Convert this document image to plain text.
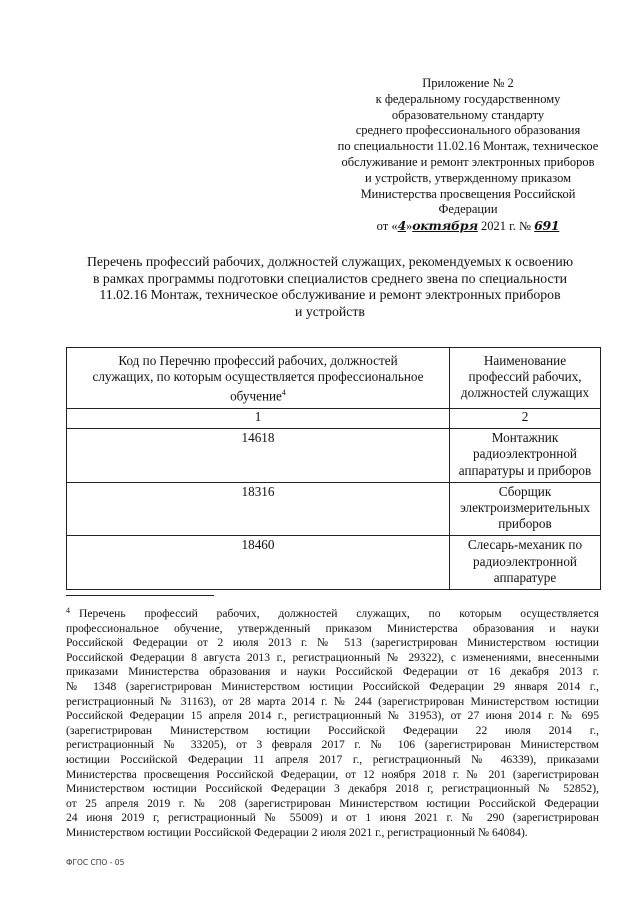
Приложение № 2
к федеральному государственному
образовательному стандарту
среднего профессионального образования
по специальности 11.02.16 Монтаж, техническое
обслуживание и ремонт электронных приборов
и устройств, утвержденному приказом
Министерства просвещения Российской
Федерации
от «4»октября 2021 г. № 691
Перечень профессий рабочих, должностей служащих, рекомендуемых к освоению
в рамках программы подготовки специалистов среднего звена по специальности
11.02.16 Монтаж, техническое обслуживание и ремонт электронных приборов
и устройств
Код по Перечню профессий рабочих, должностей
служащих, по которым осуществляется профессиональное
обучение$^4$	Наименование
профессий рабочих,
должностей служащих

1	2
14618	Монтажник
радиоэлектронной
аппаратуры и приборов

18316	Сборщик
электроизмерительных
приборов

18460	Слесарь-механик по
радиоэлектронной
аппаратуре
$^4$ Перечень профессий рабочих, должностей служащих, по которым осуществляется
профессиональное обучение, утвержденный приказом Министерства образования и науки
Российской Федерации от 2 июля 2013 г. № 513 (зарегистрирован Министерством юстиции
Российской Федерации 8 августа 2013 г., регистрационный № 29322), с изменениями, внесенными
приказами Министерства образования и науки Российской Федерации от 16 декабря 2013 г.
№ 1348 (зарегистрирован Министерством юстиции Российской Федерации 29 января 2014 г.,
регистрационный № 31163), от 28 марта 2014 г. № 244 (зарегистрирован Министерством юстиции
Российской Федерации 15 апреля 2014 г., регистрационный № 31953), от 27 июня 2014 г. № 695
(зарегистрирован Министерством юстиции Российской Федерации 22 июля 2014 г.,
регистрационный № 33205), от 3 февраля 2017 г. № 106 (зарегистрирован Министерством
юстиции Российской Федерации 11 апреля 2017 г., регистрационный № 46339), приказами
Министерства просвещения Российской Федерации, от 12 ноября 2018 г. № 201 (зарегистрирован
Министерством юстиции Российской Федерации 3 декабря 2018 г, регистрационный № 52852),
от 25 апреля 2019 г. № 208 (зарегистрирован Министерством юстиции Российской Федерации
24 июня 2019 г, регистрационный № 55009) и от 1 июня 2021 г. № 290 (зарегистрирован
Министерством юстиции Российской Федерации 2 июля 2021 г., регистрационный № 64084).
ФГОС СПО - 05
